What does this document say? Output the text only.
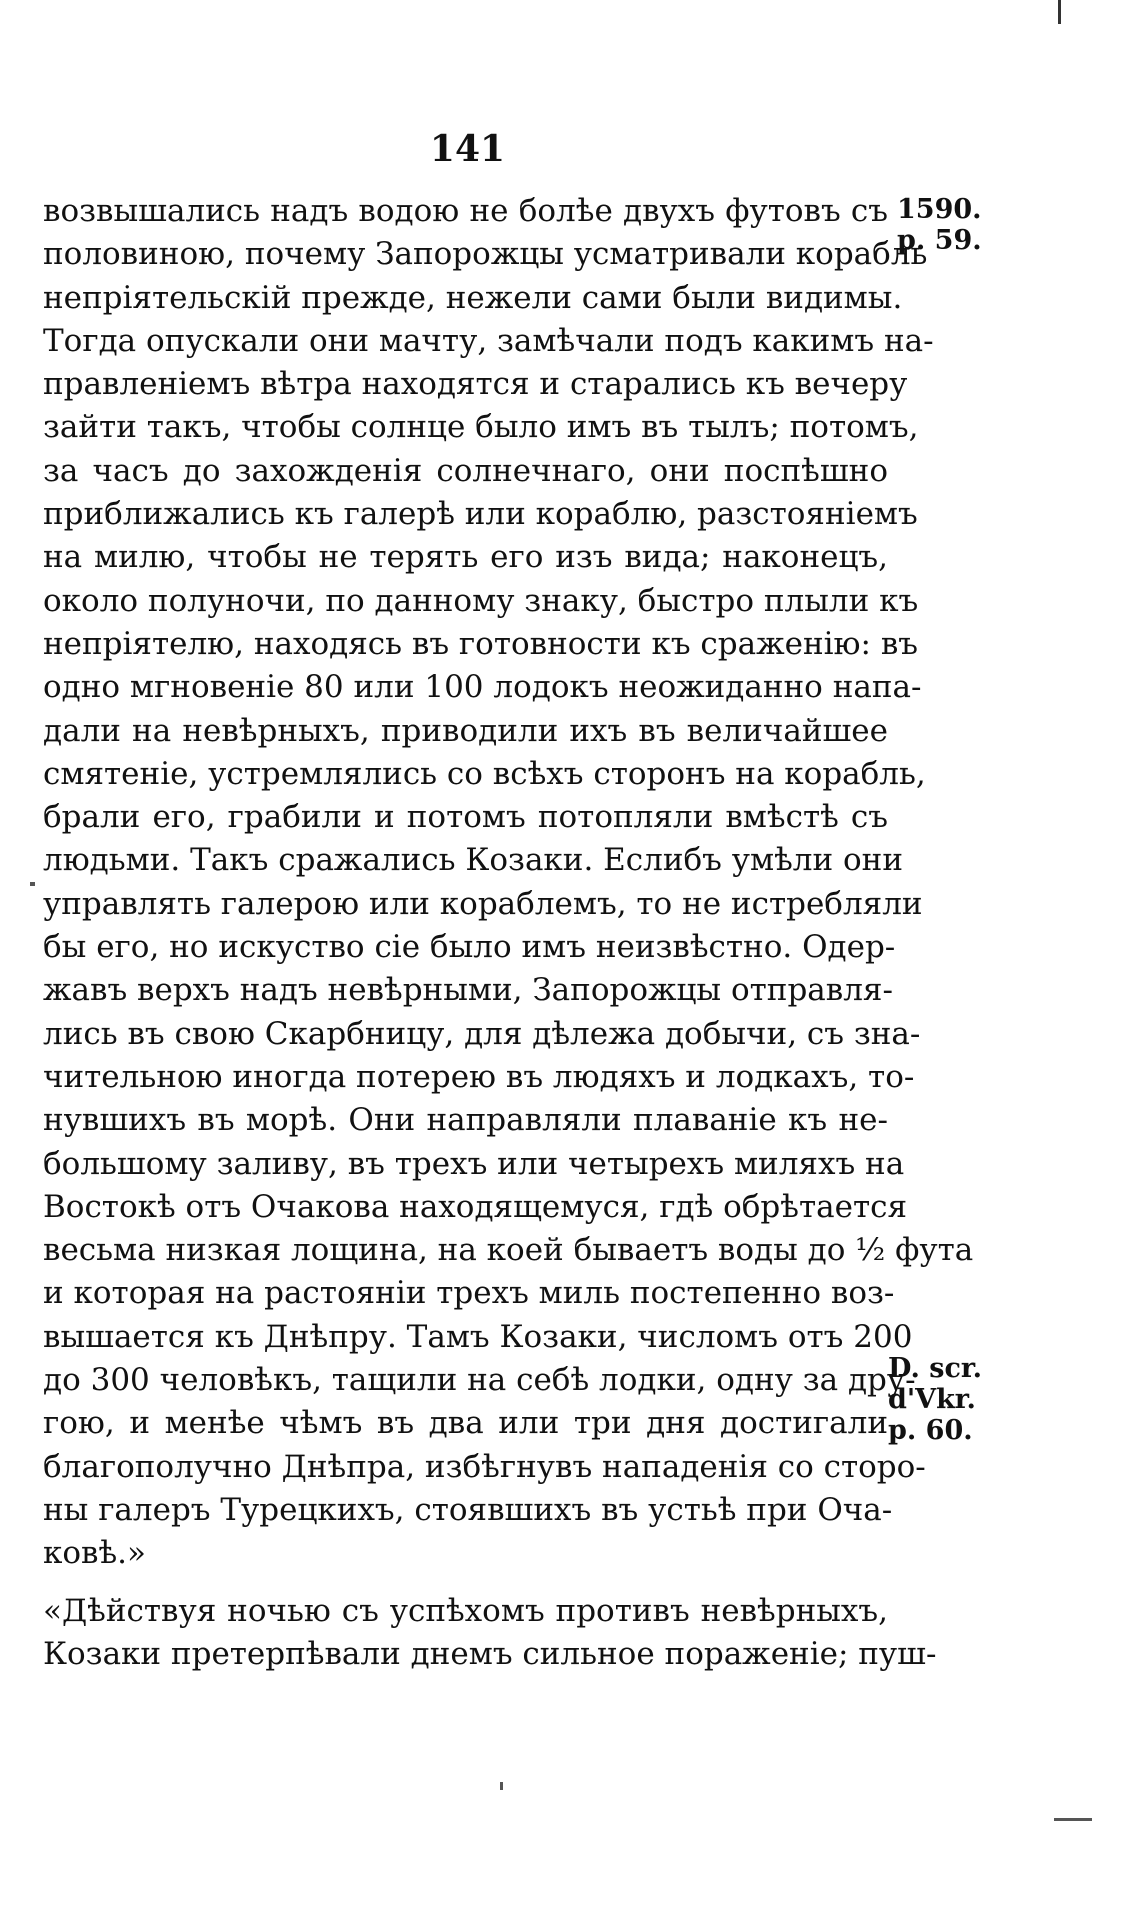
141
1590.
р. 59.
D. scr.
d'Vkr.
р. 60.
возвышались надъ водою не болѣе двухъ футовъ съ
половиною, почему Запорожцы усматривали корабль
непріятельскій прежде, нежели сами были видимы.
Тогда опускали они мачту, замѣчали подъ какимъ на-
правленіемъ вѣтра находятся и старались къ вечеру
зайти такъ, чтобы солнце было имъ въ тылъ; потомъ,
за часъ до захожденія солнечнаго, они поспѣшно
приближались къ галерѣ или кораблю, разстояніемъ
на милю, чтобы не терять его изъ вида; наконецъ,
около полуночи, по данному знаку, быстро плыли къ
непріятелю, находясь въ готовности къ сраженію: въ
одно мгновеніе 80 или 100 лодокъ неожиданно напа-
дали на невѣрныхъ, приводили ихъ въ величайшее
смятеніе, устремлялись со всѣхъ сторонъ на корабль,
брали его, грабили и потомъ потопляли вмѣстѣ съ
людьми. Такъ сражались Козаки. Еслибъ умѣли они
управлять галерою или кораблемъ, то не истребляли
бы его, но искуство сіе было имъ неизвѣстно. Одер-
жавъ верхъ надъ невѣрными, Запорожцы отправля-
лись въ свою Скарбницу, для дѣлежа добычи, съ зна-
чительною иногда потерею въ людяхъ и лодкахъ, то-
нувшихъ въ морѣ. Они направляли плаваніе къ не-
большому заливу, въ трехъ или четырехъ миляхъ на
Востокѣ отъ Очакова находящемуся, гдѣ обрѣтается
весьма низкая лощина, на коей бываетъ воды до ½ фута
и которая на растояніи трехъ миль постепенно воз-
вышается къ Днѣпру. Тамъ Козаки, числомъ отъ 200
до 300 человѣкъ, тащили на себѣ лодки, одну за дру-
гою, и менѣе чѣмъ въ два или три дня достигали
благополучно Днѣпра, избѣгнувъ нападенія со сторо-
ны галеръ Турецкихъ, стоявшихъ въ устьѣ при Оча-
ковѣ.»
«Дѣйствуя ночью съ успѣхомъ противъ невѣрныхъ,
Козаки претерпѣвали днемъ сильное пораженіе; пуш-
